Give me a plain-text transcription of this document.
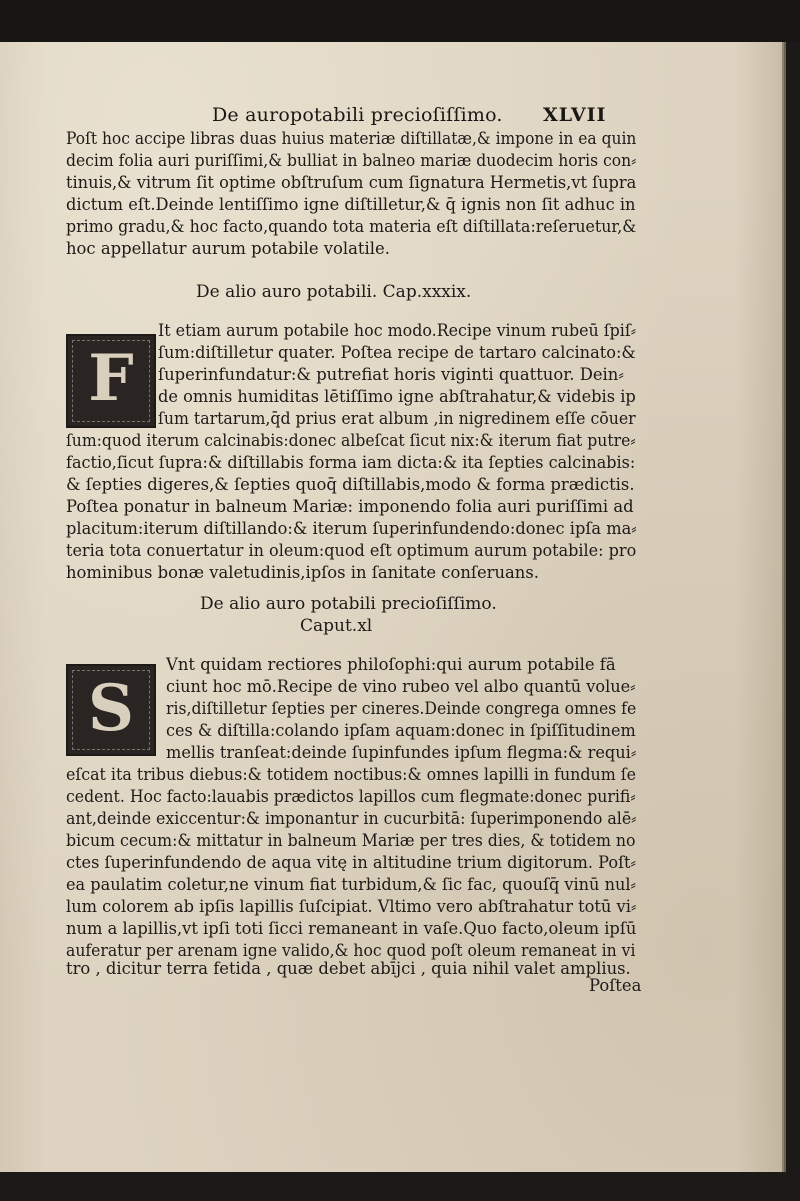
De auropotabili precioſiſſimo.	XLVII
Poſt hoc accipe libras duas huius materiæ diſtillatæ,& impone in ea quin
decim folia auri puriſſimi,& bulliat in balneo mariæ duodecim horis con⸗
tinuis,& vitrum ſit optime obſtruſum cum ſignatura Hermetis,vt ſupra
dictum eſt.Deinde lentiſſimo igne diſtilletur,& q̄ ignis non ſit adhuc in
primo gradu,& hoc facto,quando tota materia eſt diſtillata:reſeruetur,&
hoc appellatur aurum potabile volatile.
De alio auro potabili. Cap.xxxix.
F
It etiam aurum potabile hoc modo.Recipe vinum rubeū ſpiſ⸗
ſum:diſtilletur quater. Poſtea recipe de tartaro calcinato:&
ſuperinfundatur:& putrefiat horis viginti quattuor. Dein⸗
de omnis humiditas lētiſſimo igne abſtrahatur,& videbis ip
ſum tartarum,q̄d prius erat album ,in nigredinem eſſe cōuer
ſum:quod iterum calcinabis:donec albeſcat ſicut nix:& iterum fiat putre⸗
factio,ſicut ſupra:& diſtillabis forma iam dicta:& ita ſepties calcinabis:
& ſepties digeres,& ſepties quoq̄ diſtillabis,modo & forma prædictis.
Poſtea ponatur in balneum Mariæ: imponendo folia auri puriſſimi ad
placitum:iterum diſtillando:& iterum ſuperinfundendo:donec ipſa ma⸗
teria tota conuertatur in oleum:quod eſt optimum aurum potabile: pro
hominibus bonæ valetudinis,ipſos in ſanitate conſeruans.
De alio auro potabili precioſiſſimo.
Caput.xl
S
Vnt quidam rectiores philoſophi:qui aurum potabile fā
ciunt hoc mō.Recipe de vino rubeo vel albo quantū volue⸗
ris,diſtilletur ſepties per cineres.Deinde congrega omnes fe
ces & diſtilla:colando ipſam aquam:donec in ſpiſſitudinem
mellis tranſeat:deinde ſupinfundes ipſum flegma:& requi⸗
eſcat ita tribus diebus:& totidem noctibus:& omnes lapilli in fundum ſe
cedent. Hoc facto:lauabis prædictos lapillos cum flegmate:donec purifi⸗
ant,deinde exiccentur:& imponantur in cucurbitā: ſuperimponendo alē⸗
bicum cecum:& mittatur in balneum Mariæ per tres dies, & totidem no
ctes ſuperinfundendo de aqua vitę in altitudine trium digitorum. Poſt⸗
ea paulatim coletur,ne vinum fiat turbidum,& ſic fac, quouſq̄ vinū nul⸗
lum colorem ab ipſis lapillis ſuſcipiat. Vltimo vero abſtrahatur totū vi⸗
num a lapillis,vt ipſi toti ſicci remaneant in vaſe.Quo facto,oleum ipſū
auferatur per arenam igne valido,& hoc quod poſt oleum remaneat in vi
tro , dicitur terra fetida , quæ debet abījci , quia nihil valet amplius.
Poſtea
